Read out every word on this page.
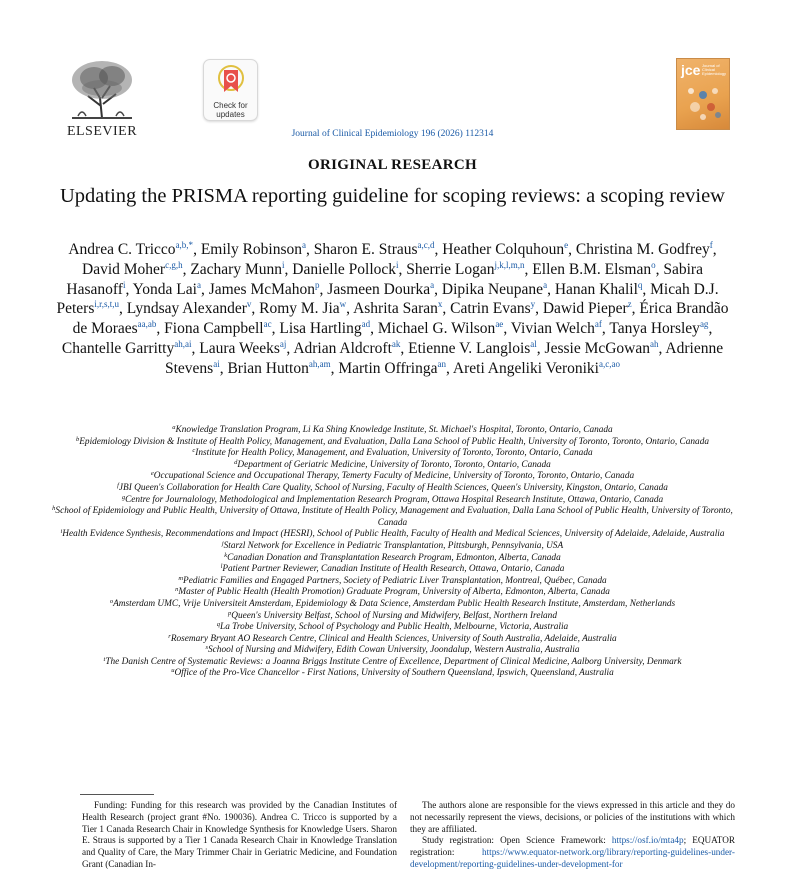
ELSEVIER
Check for updates
Journal of Clinical Epidemiology 196 (2026) 112314
jce Journal of Clinical Epidemiology
ORIGINAL RESEARCH
Updating the PRISMA reporting guideline for scoping reviews: a scoping review
Andrea C. Tricco$^{a,b,*}$, Emily Robinson$^a$, Sharon E. Straus$^{a,c,d}$, Heather Colquhoun$^e$, Christina M. Godfrey$^f$, David Moher$^{c,g,h}$, Zachary Munn$^i$, Danielle Pollock$^i$, Sherrie Logan$^{j,k,l,m,n}$, Ellen B.M. Elsman$^o$, Sabira Hasanoff$^i$, Yonda Lai$^a$, James McMahon$^p$, Jasmeen Dourka$^a$, Dipika Neupane$^a$, Hanan Khalil$^q$, Micah D.J. Peters$^{i,r,s,t,u}$, Lyndsay Alexander$^v$, Romy M. Jia$^w$, Ashrita Saran$^x$, Catrin Evans$^y$, Dawid Pieper$^z$, Érica Brandão de Moraes$^{aa,ab}$, Fiona Campbell$^{ac}$, Lisa Hartling$^{ad}$, Michael G. Wilson$^{ae}$, Vivian Welch$^{af}$, Tanya Horsley$^{ag}$, Chantelle Garritty$^{ah,ai}$, Laura Weeks$^{aj}$, Adrian Aldcroft$^{ak}$, Etienne V. Langlois$^{al}$, Jessie McGowan$^{ah}$, Adrienne Stevens$^{ai}$, Brian Hutton$^{ah,am}$, Martin Offringa$^{an}$, Areti Angeliki Veroniki$^{a,c,ao}$
$^a$Knowledge Translation Program, Li Ka Shing Knowledge Institute, St. Michael's Hospital, Toronto, Ontario, Canada
$^b$Epidemiology Division & Institute of Health Policy, Management, and Evaluation, Dalla Lana School of Public Health, University of Toronto, Toronto, Ontario, Canada
$^c$Institute for Health Policy, Management, and Evaluation, University of Toronto, Toronto, Ontario, Canada
$^d$Department of Geriatric Medicine, University of Toronto, Toronto, Ontario, Canada
$^e$Occupational Science and Occupational Therapy, Temerty Faculty of Medicine, University of Toronto, Toronto, Ontario, Canada
$^f$JBI Queen's Collaboration for Health Care Quality, School of Nursing, Faculty of Health Sciences, Queen's University, Kingston, Ontario, Canada
$^g$Centre for Journalology, Methodological and Implementation Research Program, Ottawa Hospital Research Institute, Ottawa, Ontario, Canada
$^h$School of Epidemiology and Public Health, University of Ottawa, Institute of Health Policy, Management and Evaluation, Dalla Lana School of Public Health, University of Toronto, Canada
$^i$Health Evidence Synthesis, Recommendations and Impact (HESRI), School of Public Health, Faculty of Health and Medical Sciences, University of Adelaide, Adelaide, Australia
$^j$Starzl Network for Excellence in Pediatric Transplantation, Pittsburgh, Pennsylvania, USA
$^k$Canadian Donation and Transplantation Research Program, Edmonton, Alberta, Canada
$^l$Patient Partner Reviewer, Canadian Institute of Health Research, Ottawa, Ontario, Canada
$^m$Pediatric Families and Engaged Partners, Society of Pediatric Liver Transplantation, Montreal, Québec, Canada
$^n$Master of Public Health (Health Promotion) Graduate Program, University of Alberta, Edmonton, Alberta, Canada
$^o$Amsterdam UMC, Vrije Universiteit Amsterdam, Epidemiology & Data Science, Amsterdam Public Health Research Institute, Amsterdam, Netherlands
$^p$Queen's University Belfast, School of Nursing and Midwifery, Belfast, Northern Ireland
$^q$La Trobe University, School of Psychology and Public Health, Melbourne, Victoria, Australia
$^r$Rosemary Bryant AO Research Centre, Clinical and Health Sciences, University of South Australia, Adelaide, Australia
$^s$School of Nursing and Midwifery, Edith Cowan University, Joondalup, Western Australia, Australia
$^t$The Danish Centre of Systematic Reviews: a Joanna Briggs Institute Centre of Excellence, Department of Clinical Medicine, Aalborg University, Denmark
$^u$Office of the Pro-Vice Chancellor - First Nations, University of Southern Queensland, Ipswich, Queensland, Australia
Funding: Funding for this research was provided by the Canadian Institutes of Health Research (project grant #No. 190036). Andrea C. Tricco is supported by a Tier 1 Canada Research Chair in Knowledge Synthesis for Knowledge Users. Sharon E. Straus is supported by a Tier 1 Canada Research Chair in Knowledge Translation and Quality of Care, the Mary Trimmer Chair in Geriatric Medicine, and Foundation Grant (Canadian In-
The authors alone are responsible for the views expressed in this article and they do not necessarily represent the views, decisions, or policies of the institutions with which they are affiliated.
Study registration: Open Science Framework: https://osf.io/mta4p; EQUATOR registration: https://www.equator-network.org/library/reporting-guidelines-under-development/reporting-guidelines-under-development-for
